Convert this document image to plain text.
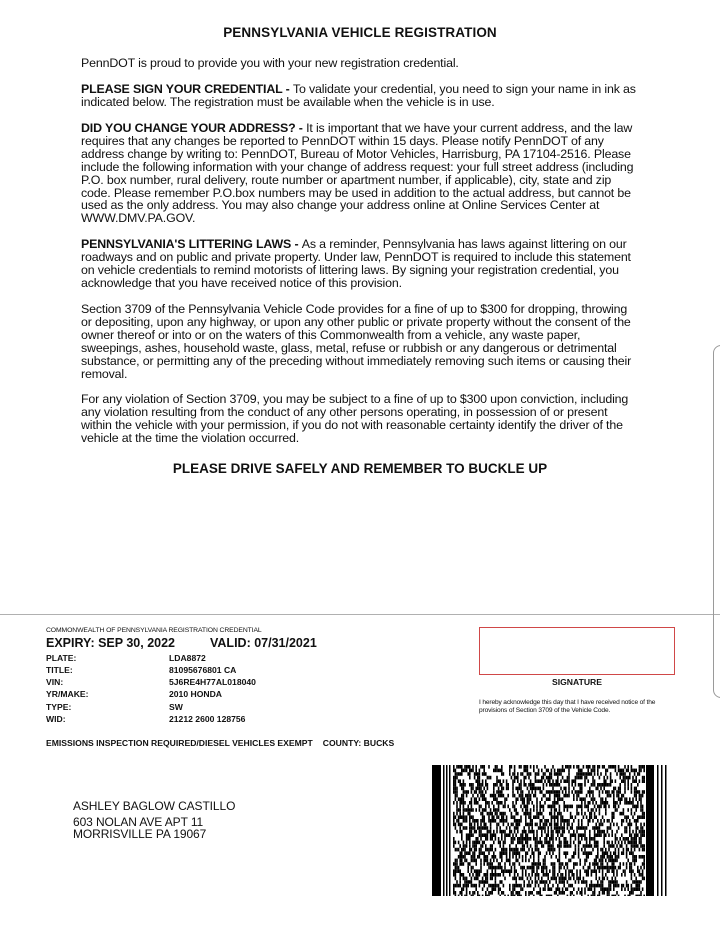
PENNSYLVANIA VEHICLE REGISTRATION
PennDOT is proud to provide you with your new registration credential.
PLEASE SIGN YOUR CREDENTIAL - To validate your credential, you need to sign your name in ink as indicated below. The registration must be available when the vehicle is in use.
DID YOU CHANGE YOUR ADDRESS? - It is important that we have your current address, and the law requires that any changes be reported to PennDOT within 15 days. Please notify PennDOT of any address change by writing to: PennDOT, Bureau of Motor Vehicles, Harrisburg, PA 17104-2516. Please include the following information with your change of address request: your full street address (including P.O. box number, rural delivery, route number or apartment number, if applicable), city, state and zip code. Please remember P.O.box numbers may be used in addition to the actual address, but cannot be used as the only address. You may also change your address online at Online Services Center at WWW.DMV.PA.GOV.
PENNSYLVANIA'S LITTERING LAWS - As a reminder, Pennsylvania has laws against littering on our roadways and on public and private property. Under law, PennDOT is required to include this statement on vehicle credentials to remind motorists of littering laws. By signing your registration credential, you acknowledge that you have received notice of this provision.
Section 3709 of the Pennsylvania Vehicle Code provides for a fine of up to $300 for dropping, throwing or depositing, upon any highway, or upon any other public or private property without the consent of the owner thereof or into or on the waters of this Commonwealth from a vehicle, any waste paper, sweepings, ashes, household waste, glass, metal, refuse or rubbish or any dangerous or detrimental substance, or permitting any of the preceding without immediately removing such items or causing their removal.
For any violation of Section 3709, you may be subject to a fine of up to $300 upon conviction, including any violation resulting from the conduct of any other persons operating, in possession of or present within the vehicle with your permission, if you do not with reasonable certainty identify the driver of the vehicle at the time the violation occurred.
PLEASE DRIVE SAFELY AND REMEMBER TO BUCKLE UP
COMMONWEALTH OF PENNSYLVANIA REGISTRATION CREDENTIAL
EXPIRY: SEP 30, 2022	VALID: 07/31/2021
PLATE:	LDA8872
TITLE:	81095676801 CA
VIN:	5J6RE4H77AL018040
YR/MAKE:	2010 HONDA
TYPE:	SW
WID:	21212 2600 128756
SIGNATURE
I hereby acknowledge this day that I have received notice of the provisions of Section 3709 of the Vehicle Code.
EMISSIONS INSPECTION REQUIRED/DIESEL VEHICLES EXEMPT COUNTY: BUCKS
ASHLEY BAGLOW CASTILLO
603 NOLAN AVE APT 11
MORRISVILLE PA 19067
